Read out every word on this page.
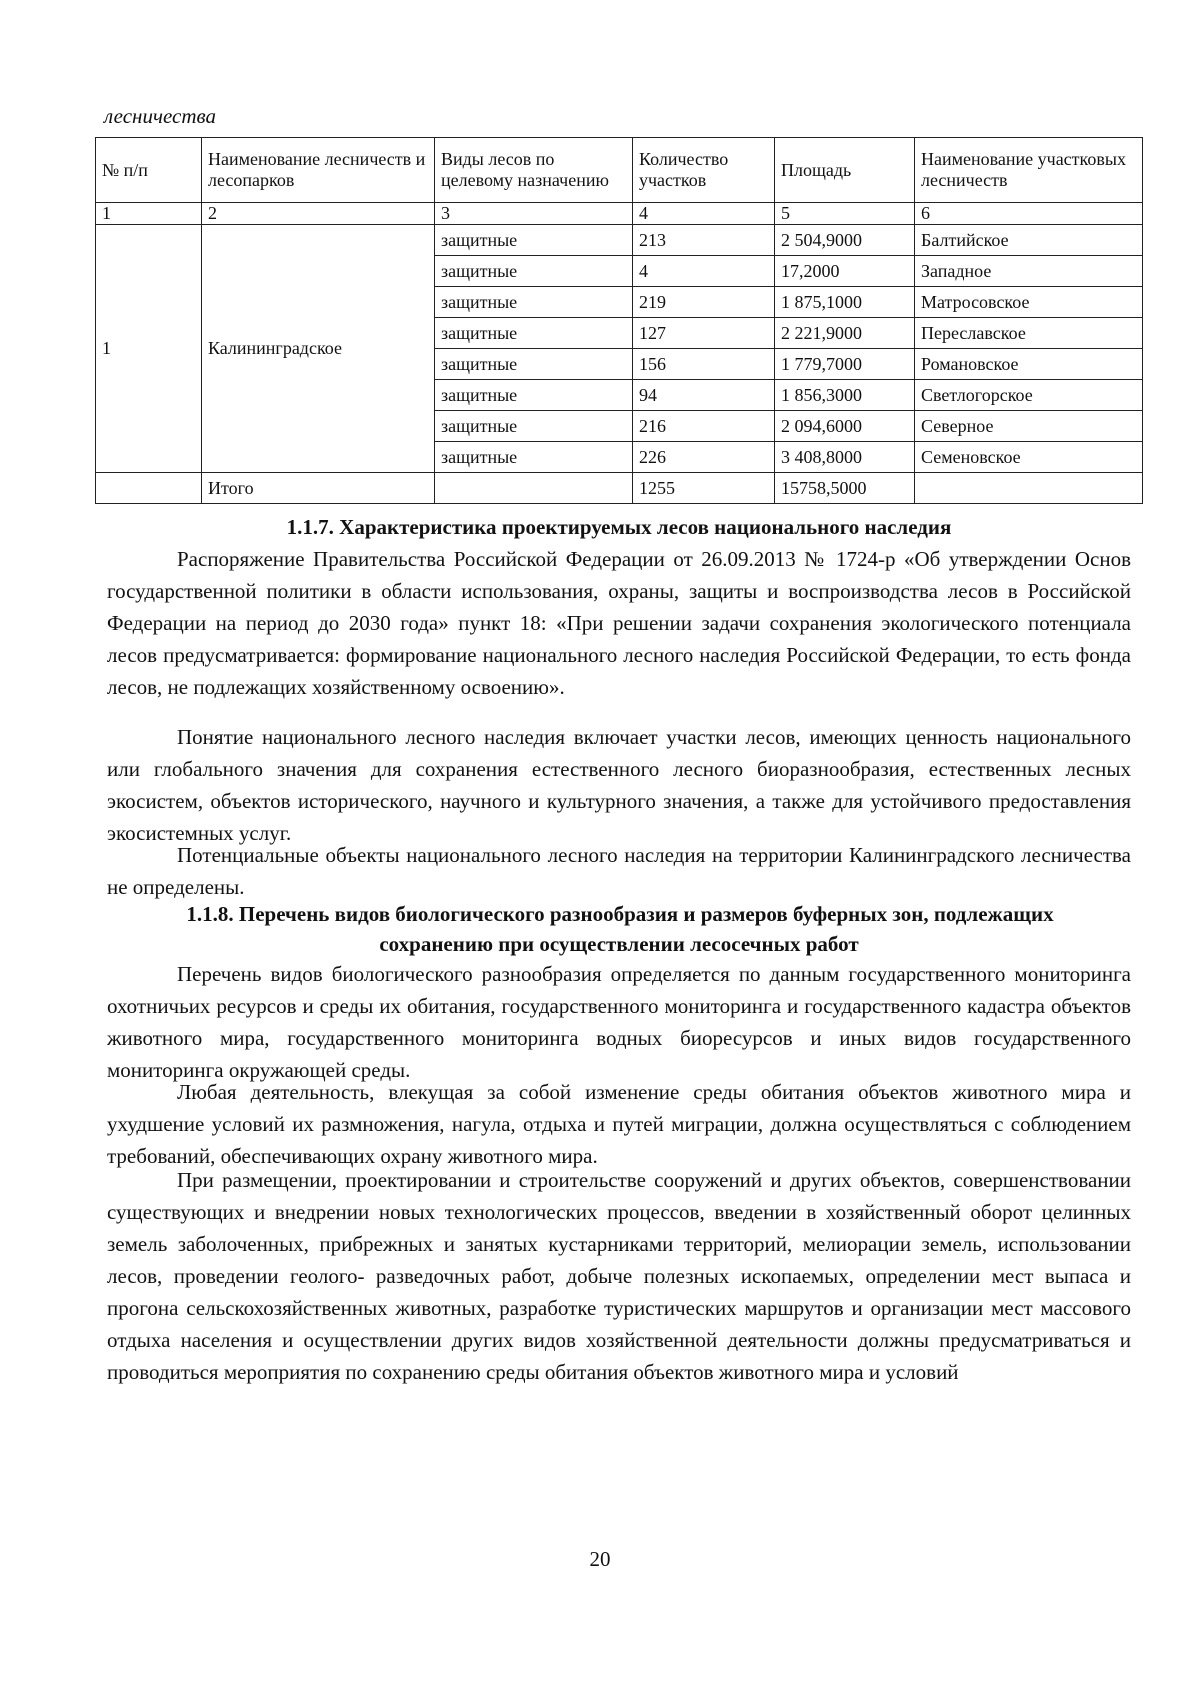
лесничества
№ п/п	Наименование лесничеств и лесопарков	Виды лесов по целевому назначению	Количество участков	Площадь	Наименование участковых лесничеств
1	2	3	4	5	6
1	Калининградское	защитные	213	2 504,9000	Балтийское
		защитные	4	17,2000	Западное
		защитные	219	1 875,1000	Матросовское
		защитные	127	2 221,9000	Переславское
		защитные	156	1 779,7000	Романовское
		защитные	94	1 856,3000	Светлогорское
		защитные	216	2 094,6000	Северное
		защитные	226	3 408,8000	Семеновское
	Итого		1255	15758,5000	
1.1.7. Характеристика проектируемых лесов национального наследия

Распоряжение Правительства Российской Федерации от 26.09.2013 № 1724-р «Об утверждении Основ государственной политики в области использования, охраны, защиты и воспроизводства лесов в Российской Федерации на период до 2030 года» пункт 18: «При решении задачи сохранения экологического потенциала лесов предусматривается: формирование национального лесного наследия Российской Федерации, то есть фонда лесов, не подлежащих хозяйственному освоению».

Понятие национального лесного наследия включает участки лесов, имеющих ценность национального или глобального значения для сохранения естественного лесного биоразнообразия, естественных лесных экосистем, объектов исторического, научного и культурного значения, а также для устойчивого предоставления экосистемных услуг.

Потенциальные объекты национального лесного наследия на территории Калининградского лесничества не определены.

1.1.8. Перечень видов биологического разнообразия и размеров буферных зон, подлежащих
сохранению при осуществлении лесосечных работ

Перечень видов биологического разнообразия определяется по данным государственного мониторинга охотничьих ресурсов и среды их обитания, государственного мониторинга и государственного кадастра объектов животного мира, государственного мониторинга водных биоресурсов и иных видов государственного мониторинга окружающей среды.

Любая деятельность, влекущая за собой изменение среды обитания объектов животного мира и ухудшение условий их размножения, нагула, отдыха и путей миграции, должна осуществляться с соблюдением требований, обеспечивающих охрану животного мира.

При размещении, проектировании и строительстве сооружений и других объектов, совершенствовании существующих и внедрении новых технологических процессов, введении в хозяйственный оборот целинных земель заболоченных, прибрежных и занятых кустарниками территорий, мелиорации земель, использовании лесов, проведении геолого- разведочных работ, добыче полезных ископаемых, определении мест выпаса и прогона сельскохозяйственных животных, разработке туристических маршрутов и организации мест массового отдыха населения и осуществлении других видов хозяйственной деятельности должны предусматриваться и проводиться мероприятия по сохранению среды обитания объектов животного мира и условий

20
